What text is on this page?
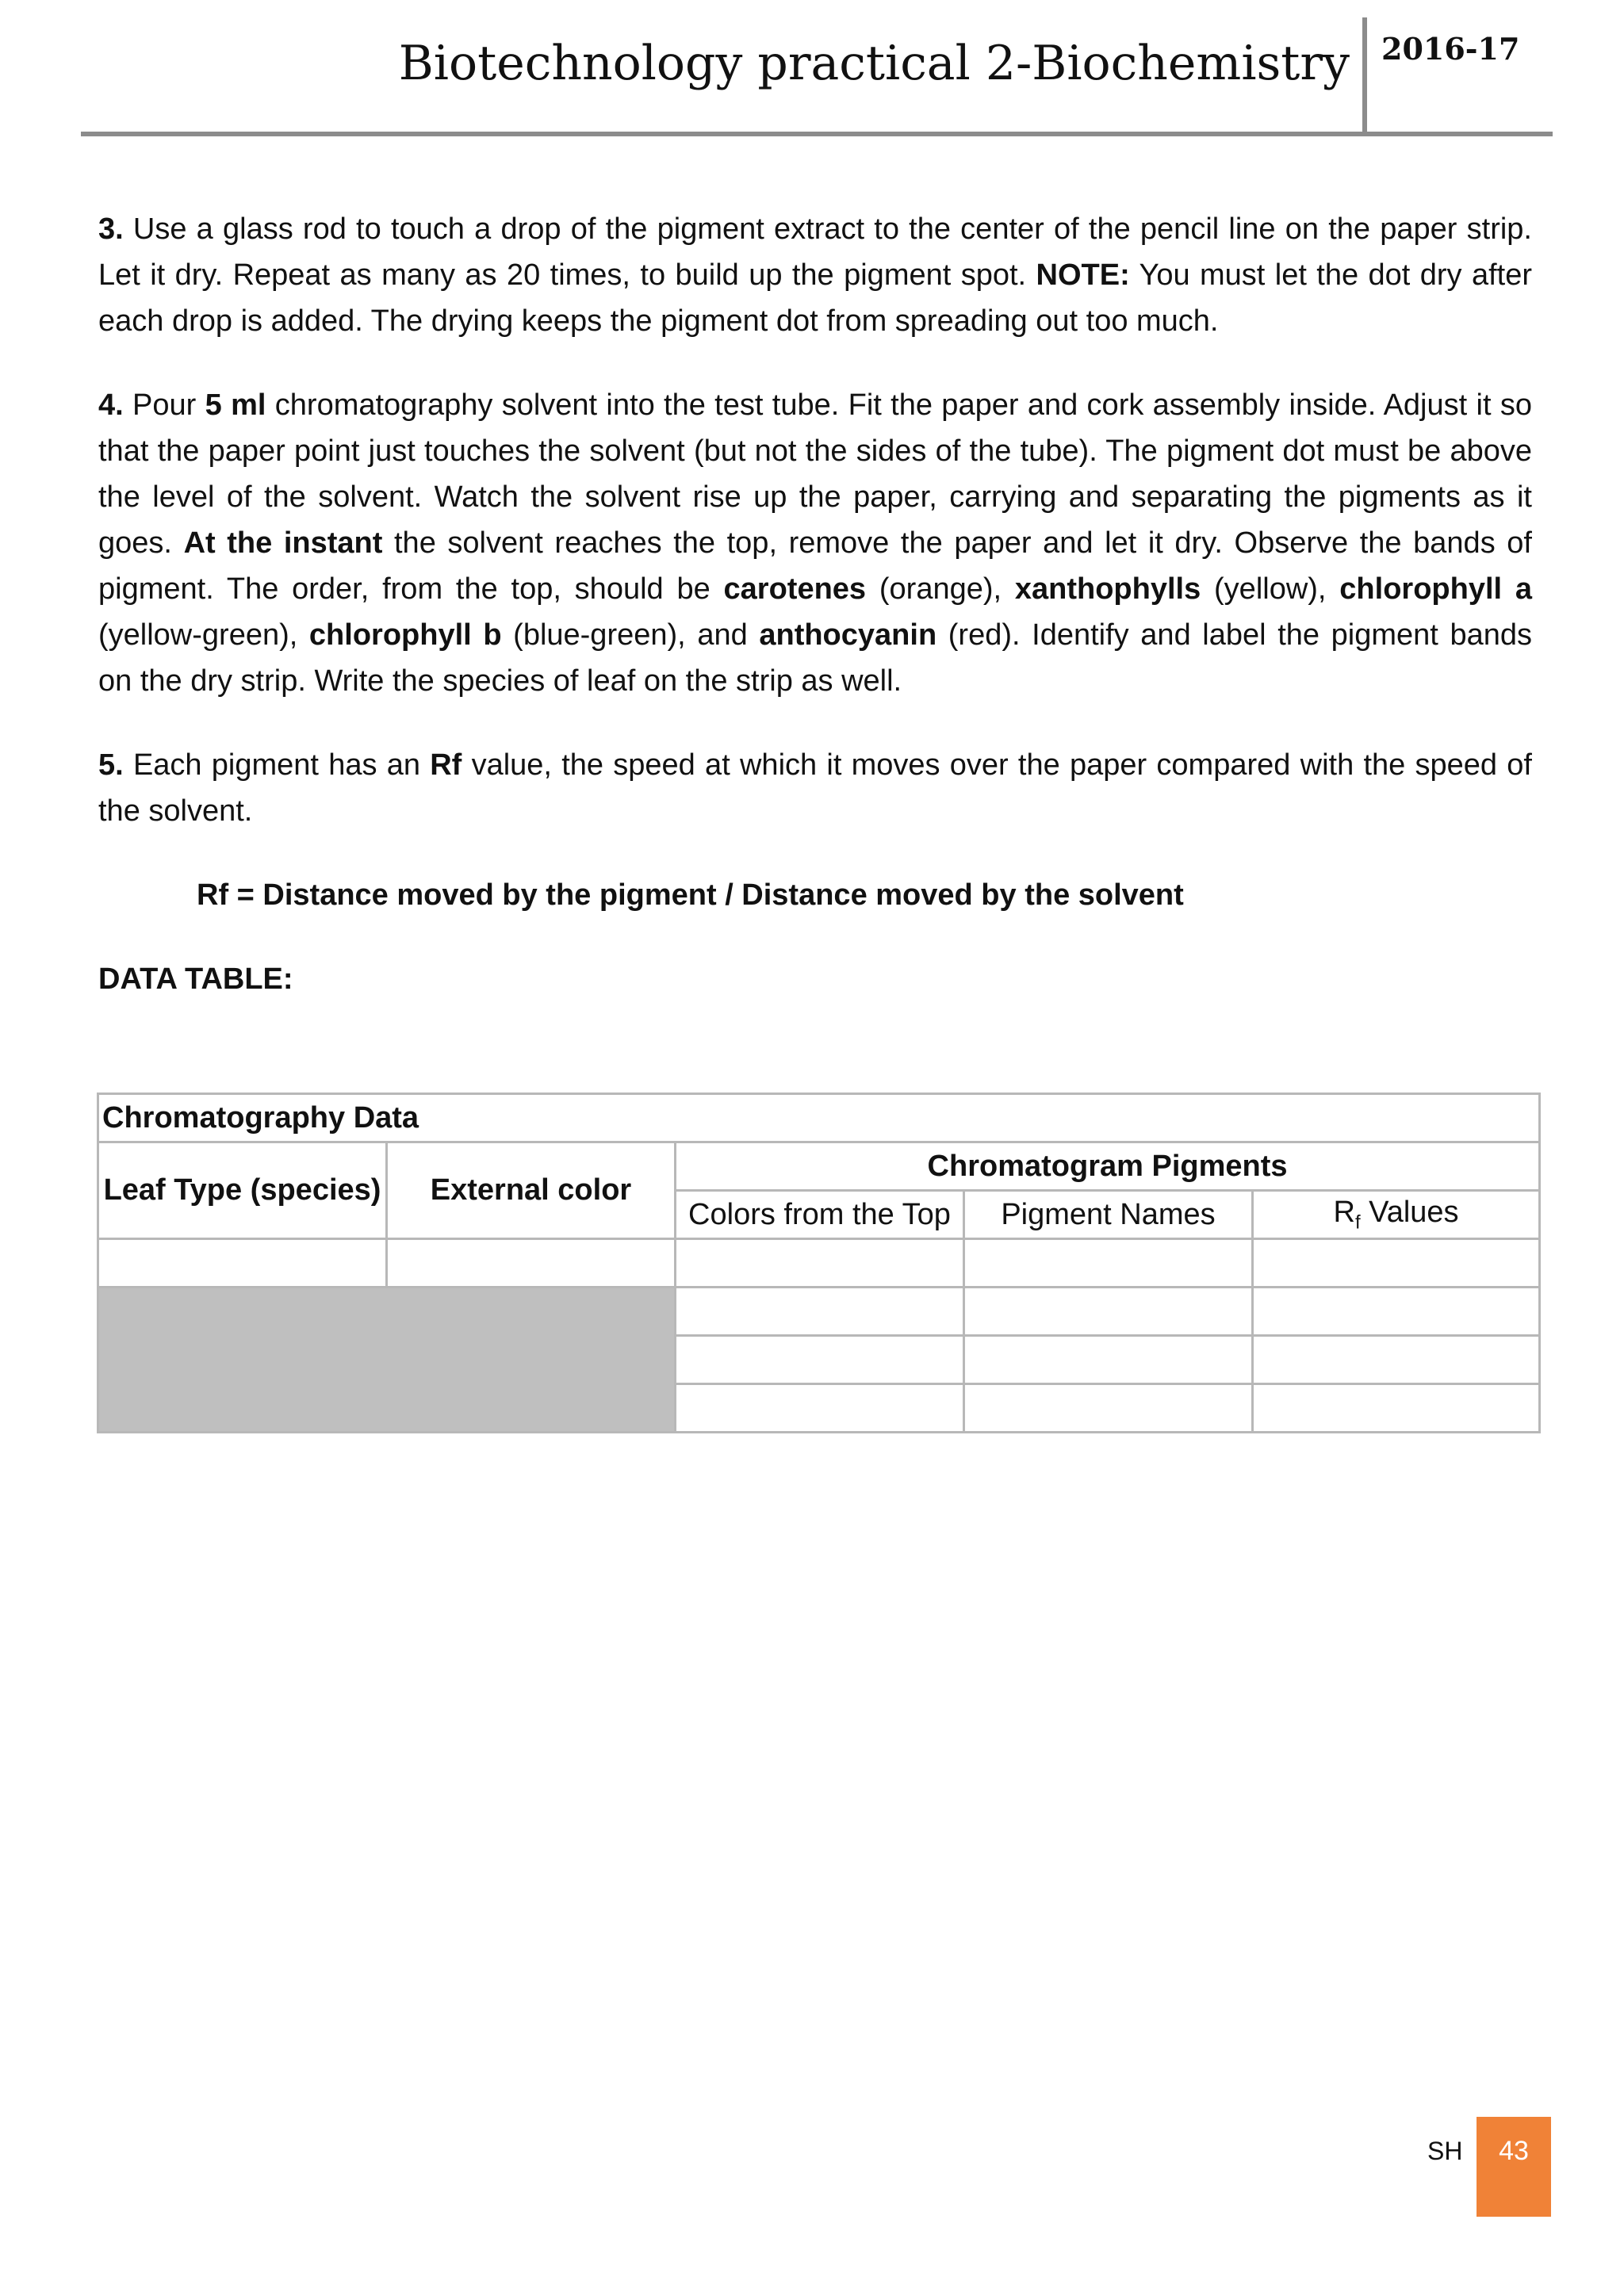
Biotechnology practical 2-Biochemistry 2016-17

3. Use a glass rod to touch a drop of the pigment extract to the center of the pencil line on the paper strip. Let it dry. Repeat as many as 20 times, to build up the pigment spot. NOTE: You must let the dot dry after each drop is added. The drying keeps the pigment dot from spreading out too much.

4. Pour 5 ml chromatography solvent into the test tube. Fit the paper and cork assembly inside. Adjust it so that the paper point just touches the solvent (but not the sides of the tube). The pigment dot must be above the level of the solvent. Watch the solvent rise up the paper, carrying and separating the pigments as it goes. At the instant the solvent reaches the top, remove the paper and let it dry. Observe the bands of pigment. The order, from the top, should be carotenes (orange), xanthophylls (yellow), chlorophyll a (yellow-green), chlorophyll b (blue-green), and anthocyanin (red). Identify and label the pigment bands on the dry strip. Write the species of leaf on the strip as well.

5. Each pigment has an Rf value, the speed at which it moves over the paper compared with the speed of the solvent.

Rf = Distance moved by the pigment / Distance moved by the solvent

DATA TABLE:

Chromatography Data				
Leaf Type (species)	External color	Chromatogram Pigments		
		Colors from the Top	Pigment Names	$R_f$ Values

SH	43
